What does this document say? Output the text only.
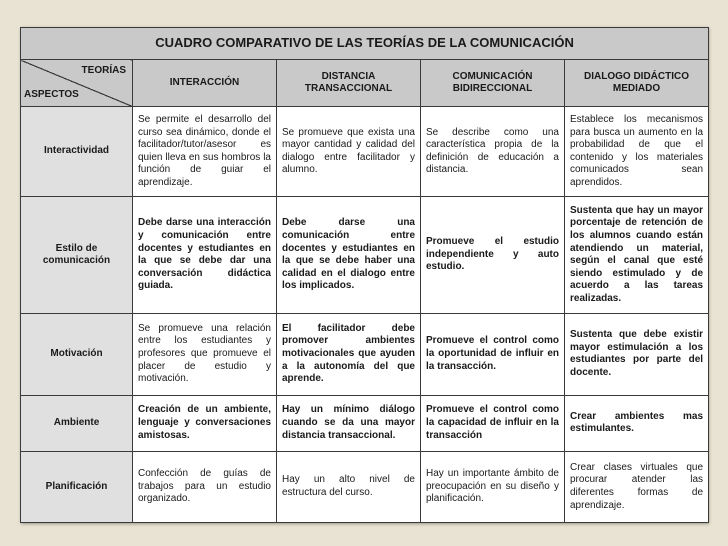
CUADRO COMPARATIVO DE LAS TEORÍAS DE LA COMUNICACIÓN				

TEORÍAS
ASPECTOS	INTERACCIÓN	DISTANCIA TRANSACCIONAL	COMUNICACIÓN BIDIRECCIONAL	DIALOGO DIDÁCTICO MEDIADO
Interactividad	Se permite el desarrollo del curso sea dinámico, donde el facilitador/tutor/asesor es quien lleva en sus hombros la función de guiar el aprendizaje.	Se promueve que exista una mayor cantidad y calidad del dialogo entre facilitador y alumno.	Se describe como una característica propia de la definición de educación a distancia.	Establece los mecanismos para busca un aumento en la probabilidad de que el contenido y los materiales comunicados sean aprendidos.
Estilo de comunicación	Debe darse una interacción y comunicación entre docentes y estudiantes en la que se debe dar una conversación didáctica guiada.	Debe darse una comunicación entre docentes y estudiantes en la que se debe haber una calidad en el dialogo entre los implicados.	Promueve el estudio independiente y auto estudio.	Sustenta que hay un mayor porcentaje de retención de los alumnos cuando están atendiendo un material, según el canal que esté siendo estimulado y de acuerdo a las tareas realizadas.
Motivación	Se promueve una relación entre los estudiantes y profesores que promueve el placer de estudio y motivación.	El facilitador debe promover ambientes motivacionales que ayuden a la autonomía del que aprende.	Promueve el control como la oportunidad de influir en la transacción.	Sustenta que debe existir mayor estimulación a los estudiantes por parte del docente.
Ambiente	Creación de un ambiente, lenguaje y conversaciones amistosas.	Hay un mínimo diálogo cuando se da una mayor distancia transaccional.	Promueve el control como la capacidad de influir en la transacción	Crear ambientes mas estimulantes.
Planificación	Confección de guías de trabajos para un estudio organizado.	Hay un alto nivel de estructura del curso.	Hay un importante ámbito de preocupación en su diseño y planificación.	Crear clases virtuales que procurar atender las diferentes formas de aprendizaje.
